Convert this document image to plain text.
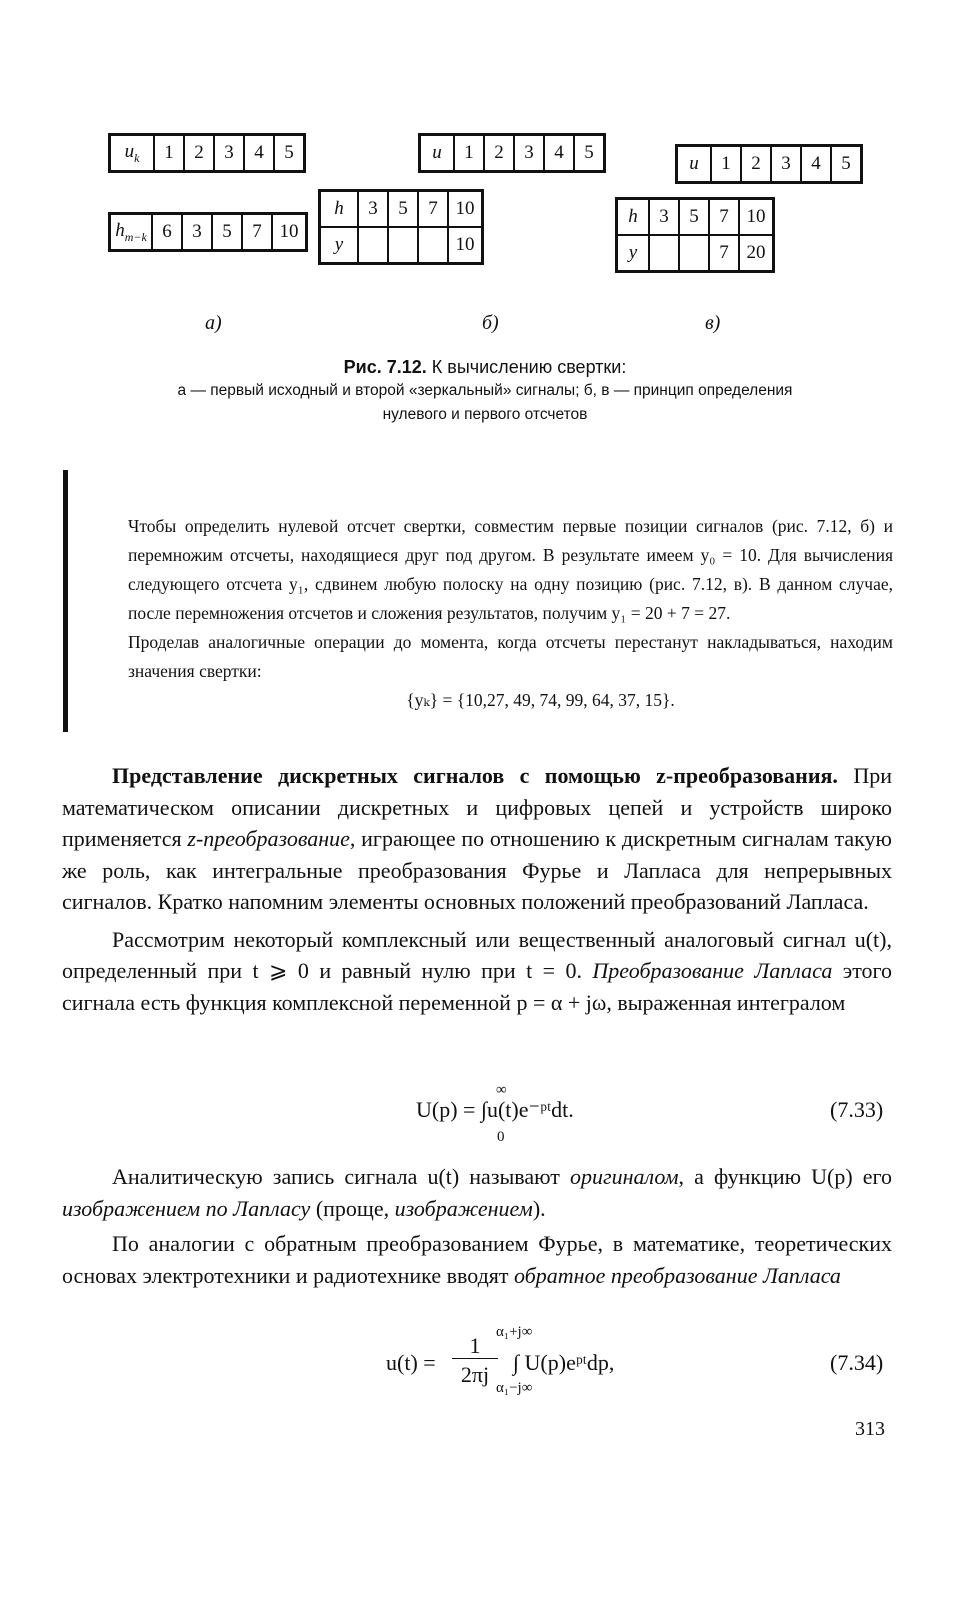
$u_k$	1	2	3	4	5
$h_{m-k}$	6	3	5	7	10
u	1	2	3	4	5
h	3	5	7	10
y				10
u	1	2	3	4	5
h	3	5	7	10
y			7	20
а)	б)	в)
Рис. 7.12. К вычислению свертки:
а — первый исходный и второй «зеркальный» сигналы; б, в — принцип определения
нулевого и первого отсчетов

Чтобы определить нулевой отсчет свертки, совместим первые позиции сигналов (рис. 7.12, б) и перемножим отсчеты, находящиеся друг под другом. В результате имеем y₀ = 10. Для вычисления следующего отсчета y₁, сдвинем любую полоску на одну позицию (рис. 7.12, в). В данном случае, после перемножения отсчетов и сложения результатов, получим y₁ = 20 + 7 = 27.

Проделав аналогичные операции до момента, когда отсчеты перестанут накладываться, находим значения свертки:

{yₖ} = {10,27, 49, 74, 99, 64, 37, 15}.

Представление дискретных сигналов с помощью z-преобразования. При математическом описании дискретных и цифровых цепей и устройств широко применяется z-преобразование, играющее по отношению к дискретным сигналам такую же роль, как интегральные преобразования Фурье и Лапласа для непрерывных сигналов. Кратко напомним элементы основных положений преобразований Лапласа.

Рассмотрим некоторый комплексный или вещественный аналоговый сигнал u(t), определенный при t ⩾ 0 и равный нулю при t = 0. Преобразование Лапласа этого сигнала есть функция комплексной переменной p = α + jω, выраженная интегралом

∞
U(p) = ∫u(t)e⁻ᵖᵗdt.
0
(7.33)

Аналитическую запись сигнала u(t) называют оригиналом, а функцию U(p) его изображением по Лапласу (проще, изображением).

По аналогии с обратным преобразованием Фурье, в математике, теоретических основах электротехники и радиотехнике вводят обратное преобразование Лапласа

α₁+j∞
u(t) =
1
2πj	∫ U(p)eᵖᵗdp,
α₁−j∞
(7.34)
313
